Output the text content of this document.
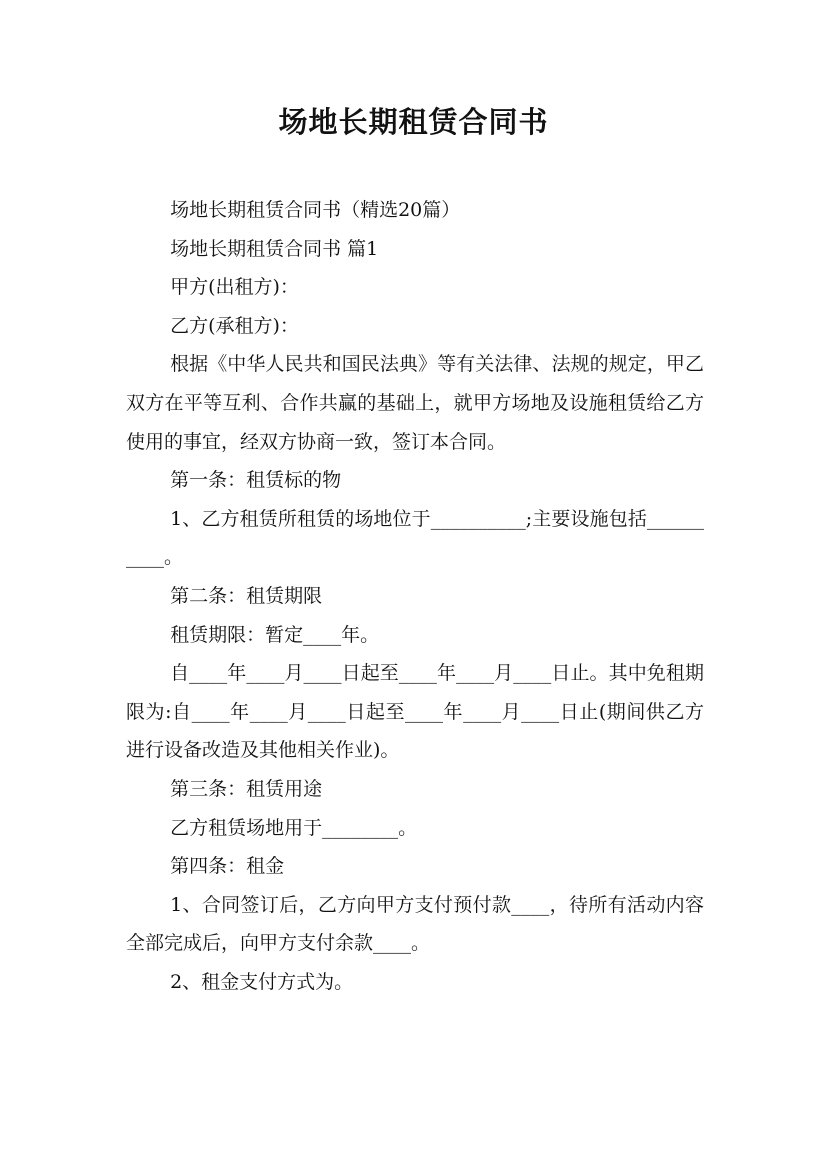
场地长期租赁合同书

场地长期租赁合同书（精选20篇）

场地长期租赁合同书 篇1

甲方(出租方)：

乙方(承租方)：

根据《中华人民共和国民法典》等有关法律、法规的规定，甲乙双方在平等互利、合作共赢的基础上，就甲方场地及设施租赁给乙方使用的事宜，经双方协商一致，签订本合同。

第一条：租赁标的物

1、乙方租赁所租赁的场地位于__________;主要设施包括__________。

第二条：租赁期限

租赁期限：暂定____年。

自____年____月____日起至____年____月____日止。其中免租期限为:自____年____月____日起至____年____月____日止(期间供乙方进行设备改造及其他相关作业)。

第三条：租赁用途

乙方租赁场地用于________。

第四条：租金

1、合同签订后，乙方向甲方支付预付款____，待所有活动内容全部完成后，向甲方支付余款____。

2、租金支付方式为。
